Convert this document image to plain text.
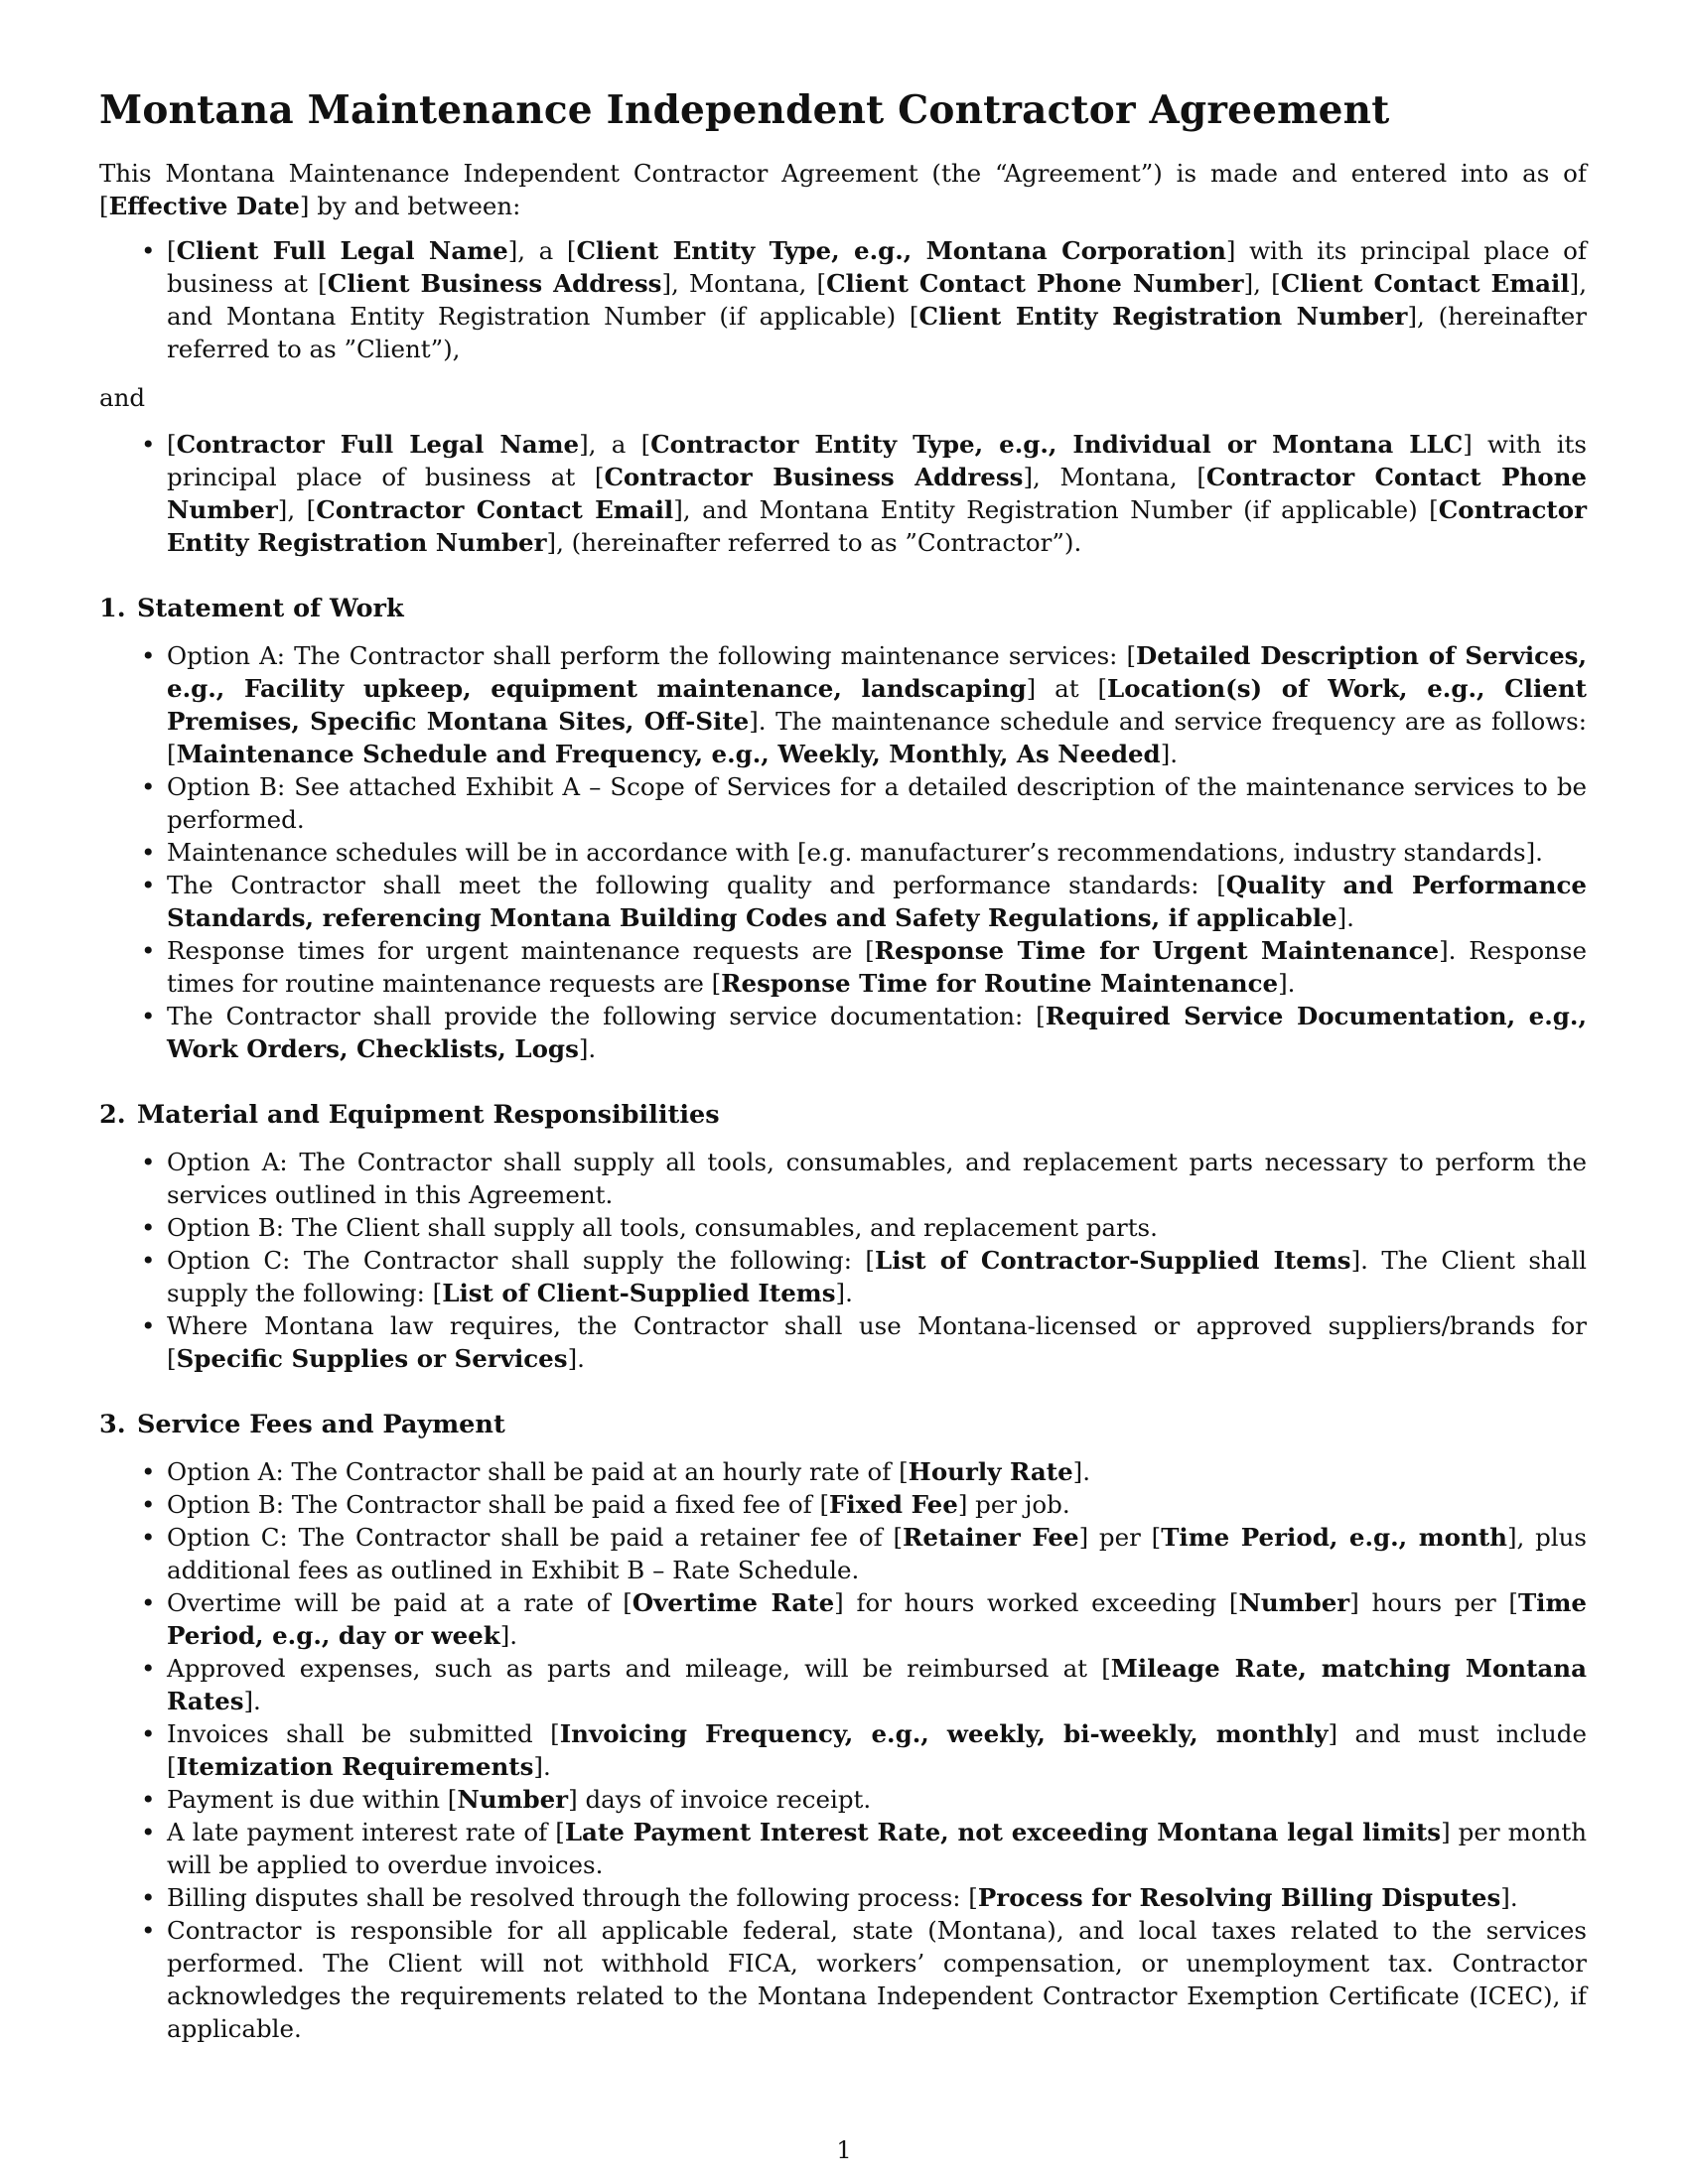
Montana Maintenance Independent Contractor Agreement

This Montana Maintenance Independent Contractor Agreement (the “Agreement”) is made and entered into as of [Effective Date] by and between:

• [Client Full Legal Name], a [Client Entity Type, e.g., Montana Corporation] with its principal place of business at [Client Business Address], Montana, [Client Contact Phone Number], [Client Contact Email], and Montana Entity Registration Number (if applicable) [Client Entity Registration Number], (hereinafter referred to as ”Client”),

and

• [Contractor Full Legal Name], a [Contractor Entity Type, e.g., Individual or Montana LLC] with its principal place of business at [Contractor Business Address], Montana, [Contractor Contact Phone Number], [Contractor Contact Email], and Montana Entity Registration Number (if applicable) [Contractor Entity Registration Number], (hereinafter referred to as ”Contractor”).
1. Statement of Work
• Option A: The Contractor shall perform the following maintenance services: [Detailed Description of Services, e.g., Facility upkeep, equipment maintenance, landscaping] at [Location(s) of Work, e.g., Client Premises, Specific Montana Sites, Off-Site]. The maintenance schedule and service frequency are as follows: [Maintenance Schedule and Frequency, e.g., Weekly, Monthly, As Needed].
• Option B: See attached Exhibit A – Scope of Services for a detailed description of the maintenance services to be performed.
• Maintenance schedules will be in accordance with [e.g. manufacturer’s recommendations, industry standards].
• The Contractor shall meet the following quality and performance standards: [Quality and Performance Standards, referencing Montana Building Codes and Safety Regulations, if applicable].
• Response times for urgent maintenance requests are [Response Time for Urgent Maintenance]. Response times for routine maintenance requests are [Response Time for Routine Maintenance].
• The Contractor shall provide the following service documentation: [Required Service Documentation, e.g., Work Orders, Checklists, Logs].
2. Material and Equipment Responsibilities
• Option A: The Contractor shall supply all tools, consumables, and replacement parts necessary to perform the services outlined in this Agreement.
• Option B: The Client shall supply all tools, consumables, and replacement parts.
• Option C: The Contractor shall supply the following: [List of Contractor-Supplied Items]. The Client shall supply the following: [List of Client-Supplied Items].
• Where Montana law requires, the Contractor shall use Montana-licensed or approved suppliers/brands for [Specific Supplies or Services].
3. Service Fees and Payment
• Option A: The Contractor shall be paid at an hourly rate of [Hourly Rate].
• Option B: The Contractor shall be paid a fixed fee of [Fixed Fee] per job.
• Option C: The Contractor shall be paid a retainer fee of [Retainer Fee] per [Time Period, e.g., month], plus additional fees as outlined in Exhibit B – Rate Schedule.
• Overtime will be paid at a rate of [Overtime Rate] for hours worked exceeding [Number] hours per [Time Period, e.g., day or week].
• Approved expenses, such as parts and mileage, will be reimbursed at [Mileage Rate, matching Montana Rates].
• Invoices shall be submitted [Invoicing Frequency, e.g., weekly, bi-weekly, monthly] and must include [Itemization Requirements].
• Payment is due within [Number] days of invoice receipt.
• A late payment interest rate of [Late Payment Interest Rate, not exceeding Montana legal limits] per month will be applied to overdue invoices.
• Billing disputes shall be resolved through the following process: [Process for Resolving Billing Disputes].
• Contractor is responsible for all applicable federal, state (Montana), and local taxes related to the services performed. The Client will not withhold FICA, workers’ compensation, or unemployment tax. Contractor acknowledges the requirements related to the Montana Independent Contractor Exemption Certificate (ICEC), if applicable.
1
